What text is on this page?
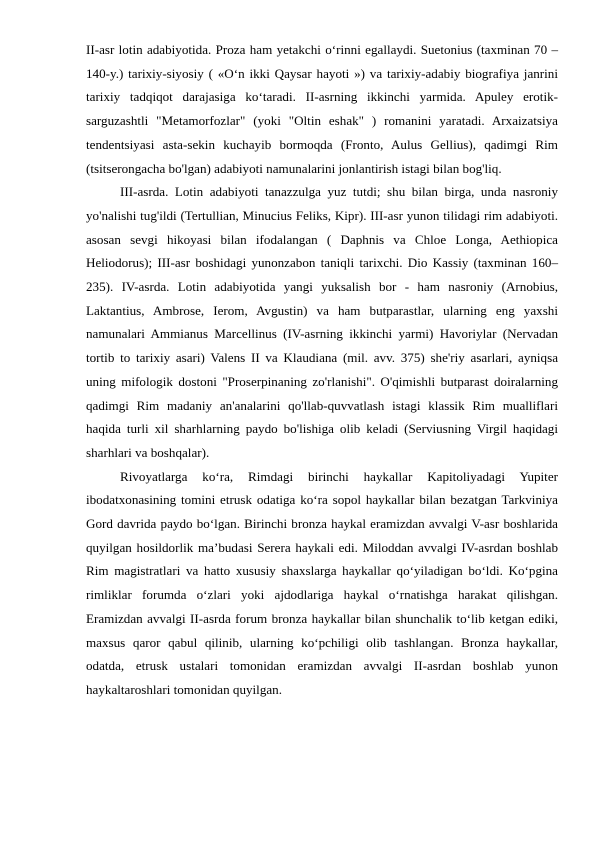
II-asr lotin adabiyotida. Proza ham yetakchi o‘rinni egallaydi. Suetonius (taxminan 70 – 140-y.) tarixiy-siyosiy ( «O‘n ikki Qaysar hayoti ») va tarixiy-adabiy biografiya janrini tarixiy tadqiqot darajasiga ko‘taradi. II-asrning ikkinchi yarmida. Apuley erotik-sarguzashtli "Metamorfozlar" (yoki "Oltin eshak" ) romanini yaratadi. Arxaizatsiya tendentsiyasi asta-sekin kuchayib bormoqda (Fronto, Aulus Gellius), qadimgi Rim (tsitserongacha bo'lgan) adabiyoti namunalarini jonlantirish istagi bilan bog'liq.

III-asrda. Lotin adabiyoti tanazzulga yuz tutdi; shu bilan birga, unda nasroniy yo'nalishi tug'ildi (Tertullian, Minucius Feliks, Kipr). III-asr yunon tilidagi rim adabiyoti. asosan sevgi hikoyasi bilan ifodalangan ( Daphnis va Chloe Longa, Aethiopica Heliodorus); III-asr boshidagi yunonzabon taniqli tarixchi. Dio Kassiy (taxminan 160–235). IV-asrda. Lotin adabiyotida yangi yuksalish bor - ham nasroniy (Arnobius, Laktantius, Ambrose, Ierom, Avgustin) va ham butparastlar, ularning eng yaxshi namunalari Ammianus Marcellinus (IV-asrning ikkinchi yarmi) Havoriylar (Nervadan tortib to tarixiy asari) Valens II va Klaudiana (mil. avv. 375) she'riy asarlari, ayniqsa uning mifologik dostoni "Proserpinaning zo'rlanishi". O'qimishli butparast doiralarning qadimgi Rim madaniy an'analarini qo'llab-quvvatlash istagi klassik Rim mualliflari haqida turli xil sharhlarning paydo bo'lishiga olib keladi (Serviusning Virgil haqidagi sharhlari va boshqalar).

Rivoyatlarga ko‘ra, Rimdagi birinchi haykallar Kapitoliyadagi Yupiter ibodatxonasining tomini etrusk odatiga ko‘ra sopol haykallar bilan bezatgan Tarkviniya Gord davrida paydo bo‘lgan. Birinchi bronza haykal eramizdan avvalgi V-asr boshlarida quyilgan hosildorlik ma’budasi Serera haykali edi. Miloddan avvalgi IV-asrdan boshlab Rim magistratlari va hatto xususiy shaxslarga haykallar qo‘yiladigan bo‘ldi. Ko‘pgina rimliklar forumda o‘zlari yoki ajdodlariga haykal o‘rnatishga harakat qilishgan. Eramizdan avvalgi II-asrda forum bronza haykallar bilan shunchalik to‘lib ketgan ediki, maxsus qaror qabul qilinib, ularning ko‘pchiligi olib tashlangan. Bronza haykallar, odatda, etrusk ustalari tomonidan eramizdan avvalgi II-asrdan boshlab yunon haykaltaroshlari tomonidan quyilgan.
